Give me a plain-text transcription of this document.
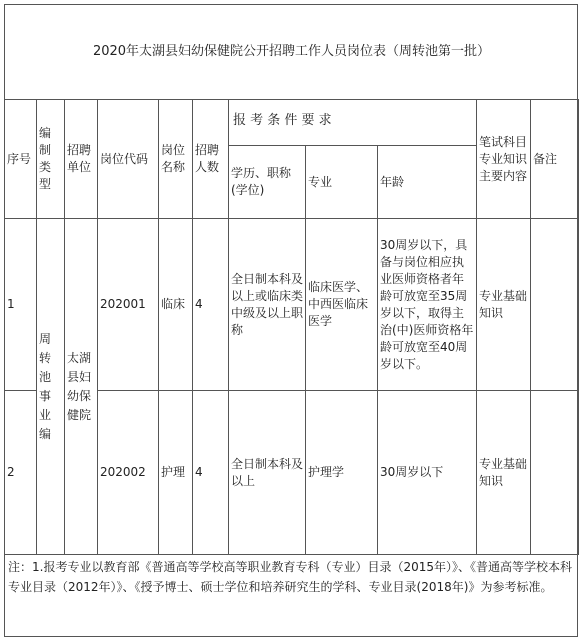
2020年太湖县妇幼保健院公开招聘工作人员岗位表（周转池第一批）
序号	编制类型	招聘单位	岗位代码	岗位名称	招聘人数	报 考 条 件 要 求			笔试科目专业知识主要内容	备注
						学历、职称(学位)	专业	年龄		
1	周转池事业编	太湖县妇幼保健院	202001	临床	4	全日制本科及以上或临床类中级及以上职称	临床医学、中西医临床医学	30周岁以下，具备与岗位相应执业医师资格者年龄可放宽至35周岁以下，取得主治(中)医师资格年龄可放宽至40周岁以下。	专业基础知识	
2			202002	护理	4	全日制本科及以上	护理学	30周岁以下	专业基础知识	
注：1.报考专业以教育部《普通高等学校高等职业教育专科（专业）目录（2015年）》、《普通高等学校本科专业目录（2012年）》、《授予博士、硕士学位和培养研究生的学科、专业目录(2018年)》为参考标准。
